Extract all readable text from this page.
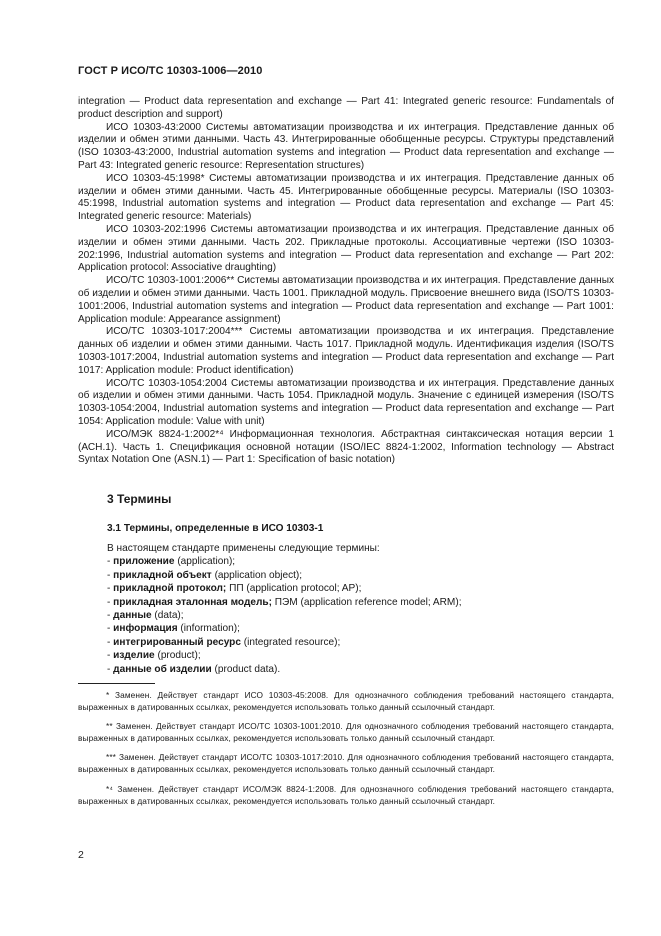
ГОСТ Р ИСО/ТС 10303-1006—2010

integration — Product data representation and exchange — Part 41: Integrated generic resource: Fundamentals of product description and support)

ИСО 10303-43:2000 Системы автоматизации производства и их интеграция. Представление данных об изделии и обмен этими данными. Часть 43. Интегрированные обобщенные ресурсы. Структуры представлений (ISO 10303-43:2000, Industrial automation systems and integration — Product data representation and exchange — Part 43: Integrated generic resource: Representation structures)

ИСО 10303-45:1998* Системы автоматизации производства и их интеграция. Представление данных об изделии и обмен этими данными. Часть 45. Интегрированные обобщенные ресурсы. Материалы (ISO 10303-45:1998, Industrial automation systems and integration — Product data representation and exchange — Part 45: Integrated generic resource: Materials)

ИСО 10303-202:1996 Системы автоматизации производства и их интеграция. Представление данных об изделии и обмен этими данными. Часть 202. Прикладные протоколы. Ассоциативные чертежи (ISO 10303-202:1996, Industrial automation systems and integration — Product data representation and exchange — Part 202: Application protocol: Associative draughting)

ИСО/ТС 10303-1001:2006** Системы автоматизации производства и их интеграция. Представление данных об изделии и обмен этими данными. Часть 1001. Прикладной модуль. Присвоение внешнего вида (ISO/TS 10303-1001:2006, Industrial automation systems and integration — Product data representation and exchange — Part 1001: Application module: Appearance assignment)

ИСО/ТС 10303-1017:2004*** Системы автоматизации производства и их интеграция. Представление данных об изделии и обмен этими данными. Часть 1017. Прикладной модуль. Идентификация изделия (ISO/TS 10303-1017:2004, Industrial automation systems and integration — Product data representation and exchange — Part 1017: Application module: Product identification)

ИСО/ТС 10303-1054:2004 Системы автоматизации производства и их интеграция. Представление данных об изделии и обмен этими данными. Часть 1054. Прикладной модуль. Значение с единицей измерения (ISO/TS 10303-1054:2004, Industrial automation systems and integration — Product data representation and exchange — Part 1054: Application module: Value with unit)

ИСО/МЭК 8824-1:2002*⁴ Информационная технология. Абстрактная синтаксическая нотация версии 1 (АСН.1). Часть 1. Спецификация основной нотации (ISO/IEC 8824-1:2002, Information technology — Abstract Syntax Notation One (ASN.1) — Part 1: Specification of basic notation)

3 Термины
3.1 Термины, определенные в ИСО 10303-1
В настоящем стандарте применены следующие термины:
- приложение (application);
- прикладной объект (application object);
- прикладной протокол; ПП (application protocol; AP);
- прикладная эталонная модель; ПЭМ (application reference model; ARM);
- данные (data);
- информация (information);
- интегрированный ресурс (integrated resource);
- изделие (product);
- данные об изделии (product data).

* Заменен. Действует стандарт ИСО 10303-45:2008. Для однозначного соблюдения требований настоящего стандарта, выраженных в датированных ссылках, рекомендуется использовать только данный ссылочный стандарт.

** Заменен. Действует стандарт ИСО/ТС 10303-1001:2010. Для однозначного соблюдения требований настоящего стандарта, выраженных в датированных ссылках, рекомендуется использовать только данный ссылочный стандарт.

*** Заменен. Действует стандарт ИСО/ТС 10303-1017:2010. Для однозначного соблюдения требований настоящего стандарта, выраженных в датированных ссылках, рекомендуется использовать только данный ссылочный стандарт.

*⁴ Заменен. Действует стандарт ИСО/МЭК 8824-1:2008. Для однозначного соблюдения требований настоящего стандарта, выраженных в датированных ссылках, рекомендуется использовать только данный ссылочный стандарт.

2
